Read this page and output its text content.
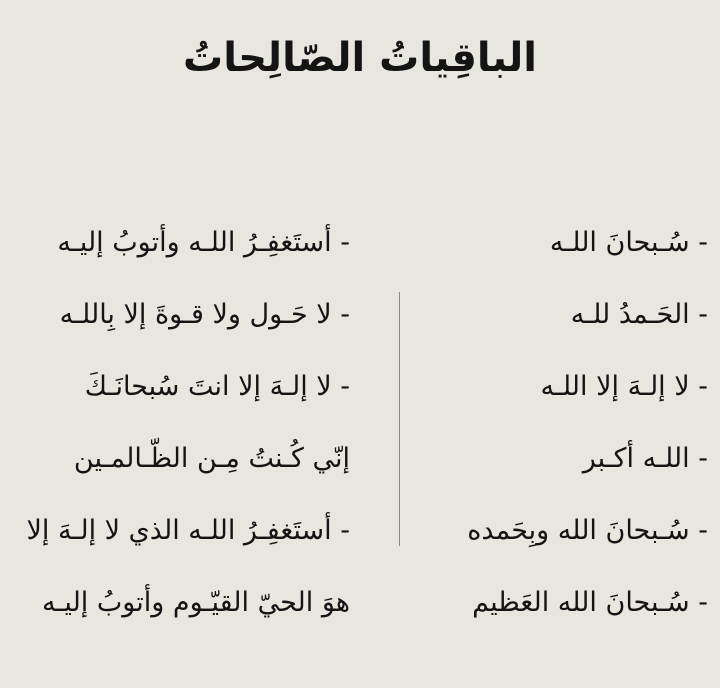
الباقِياتُ الصّالِحاتُ
- سُـبحانَ اللـه
- الحَـمدُ للـه
- لا إلـهَ إلا اللـه
- اللـه أكـبر
- سُـبحانَ الله وبِحَمده
- سُـبحانَ الله العَظيم
- أستَغفِـرُ اللـه وأتوبُ إليـه
- لا حَـول ولا قـوةَ إلا بِاللـه
- لا إلـهَ إلا انتَ سُبحانَـكَ
إنّي كُـنتُ مِـن الظّـالمـين
- أستَغفِـرُ اللـه الذي لا إلـهَ إلا
هوَ الحيّ القيّـوم وأتوبُ إليـه
